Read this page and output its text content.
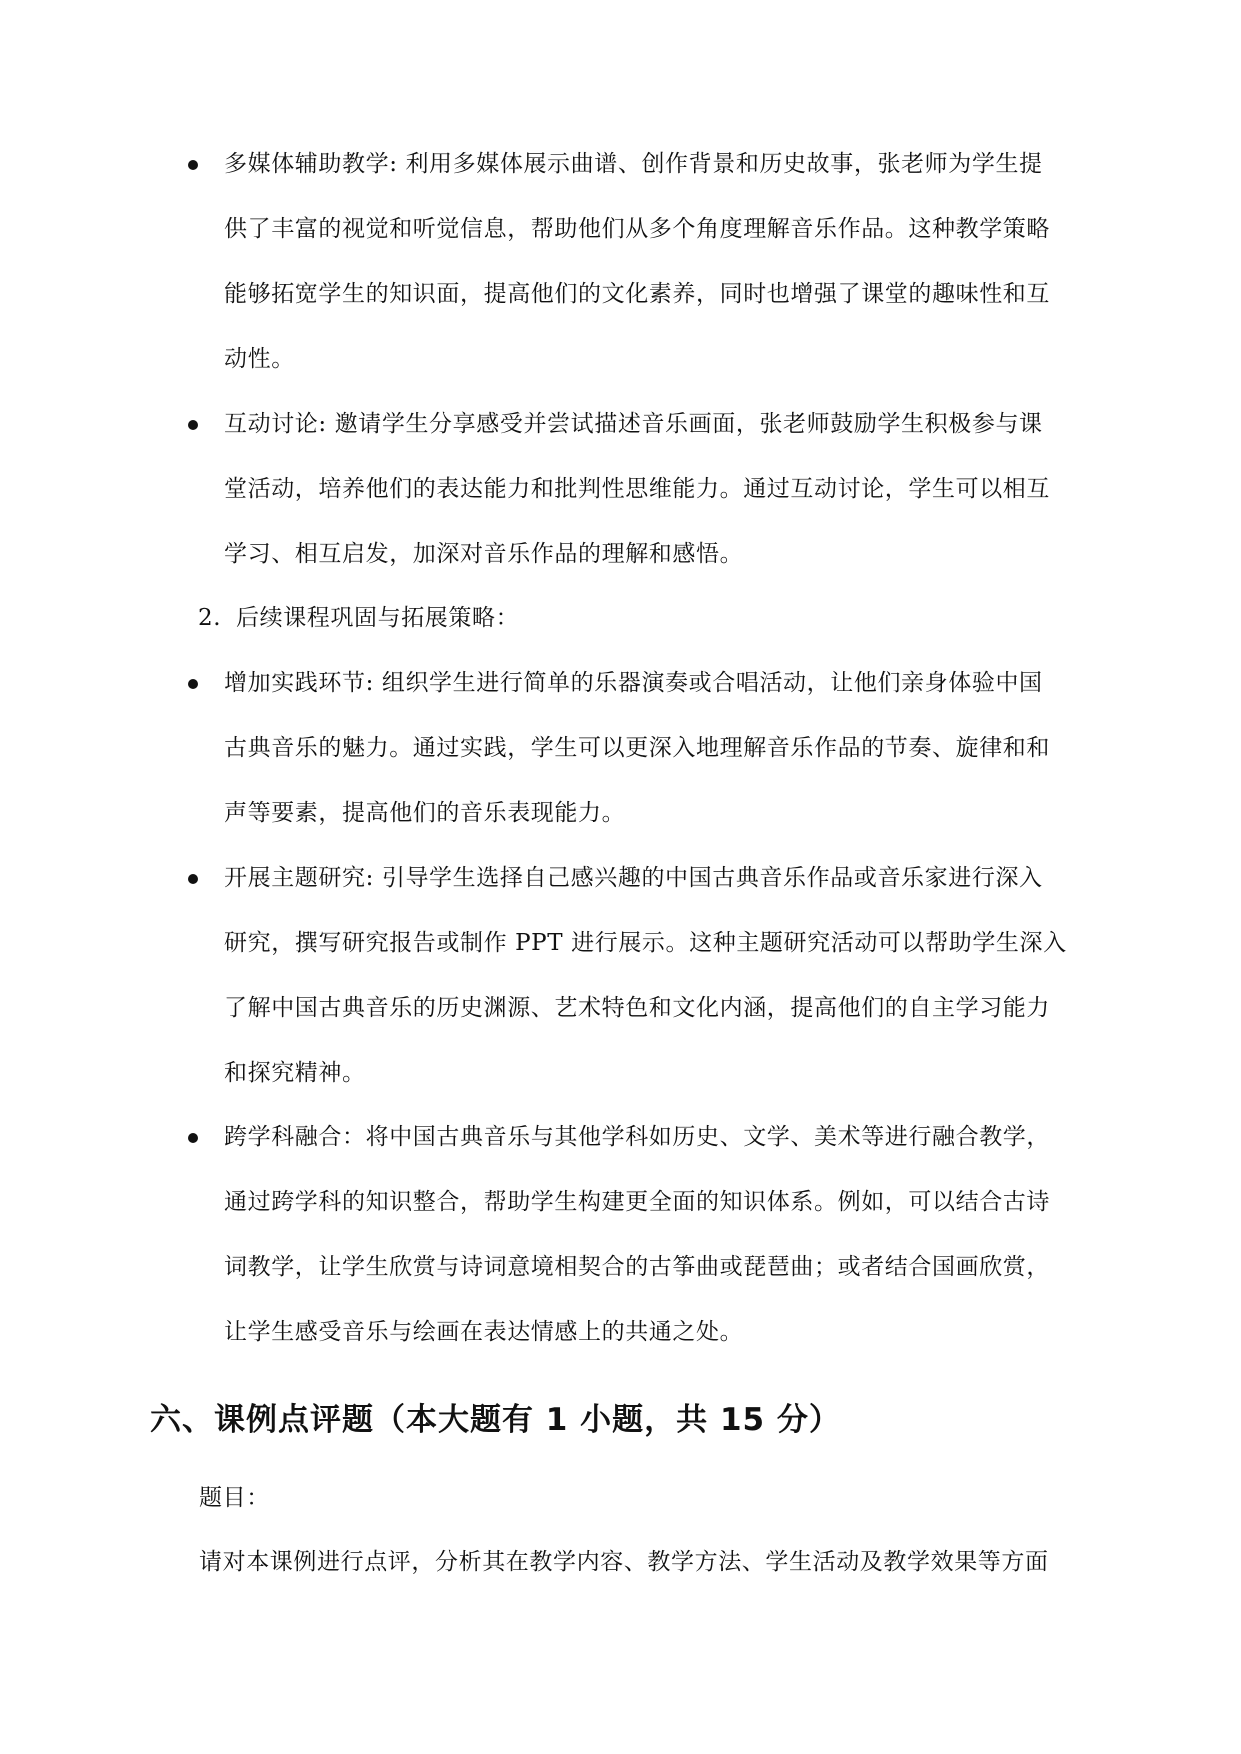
多媒体辅助教学: 利用多媒体展示曲谱、创作背景和历史故事，张老师为学生提
供了丰富的视觉和听觉信息，帮助他们从多个角度理解音乐作品。这种教学策略
能够拓宽学生的知识面，提高他们的文化素养，同时也增强了课堂的趣味性和互
动性。
互动讨论: 邀请学生分享感受并尝试描述音乐画面，张老师鼓励学生积极参与课
堂活动，培养他们的表达能力和批判性思维能力。通过互动讨论，学生可以相互
学习、相互启发，加深对音乐作品的理解和感悟。
2. 后续课程巩固与拓展策略：
增加实践环节: 组织学生进行简单的乐器演奏或合唱活动，让他们亲身体验中国
古典音乐的魅力。通过实践，学生可以更深入地理解音乐作品的节奏、旋律和和
声等要素，提高他们的音乐表现能力。
开展主题研究: 引导学生选择自己感兴趣的中国古典音乐作品或音乐家进行深入
研究，撰写研究报告或制作 PPT 进行展示。这种主题研究活动可以帮助学生深入
了解中国古典音乐的历史渊源、艺术特色和文化内涵，提高他们的自主学习能力
和探究精神。
跨学科融合：将中国古典音乐与其他学科如历史、文学、美术等进行融合教学，
通过跨学科的知识整合，帮助学生构建更全面的知识体系。例如，可以结合古诗
词教学，让学生欣赏与诗词意境相契合的古筝曲或琵琶曲；或者结合国画欣赏，
让学生感受音乐与绘画在表达情感上的共通之处。
六、课例点评题（本大题有 1 小题，共 15 分）
题目：
请对本课例进行点评，分析其在教学内容、教学方法、学生活动及教学效果等方面
